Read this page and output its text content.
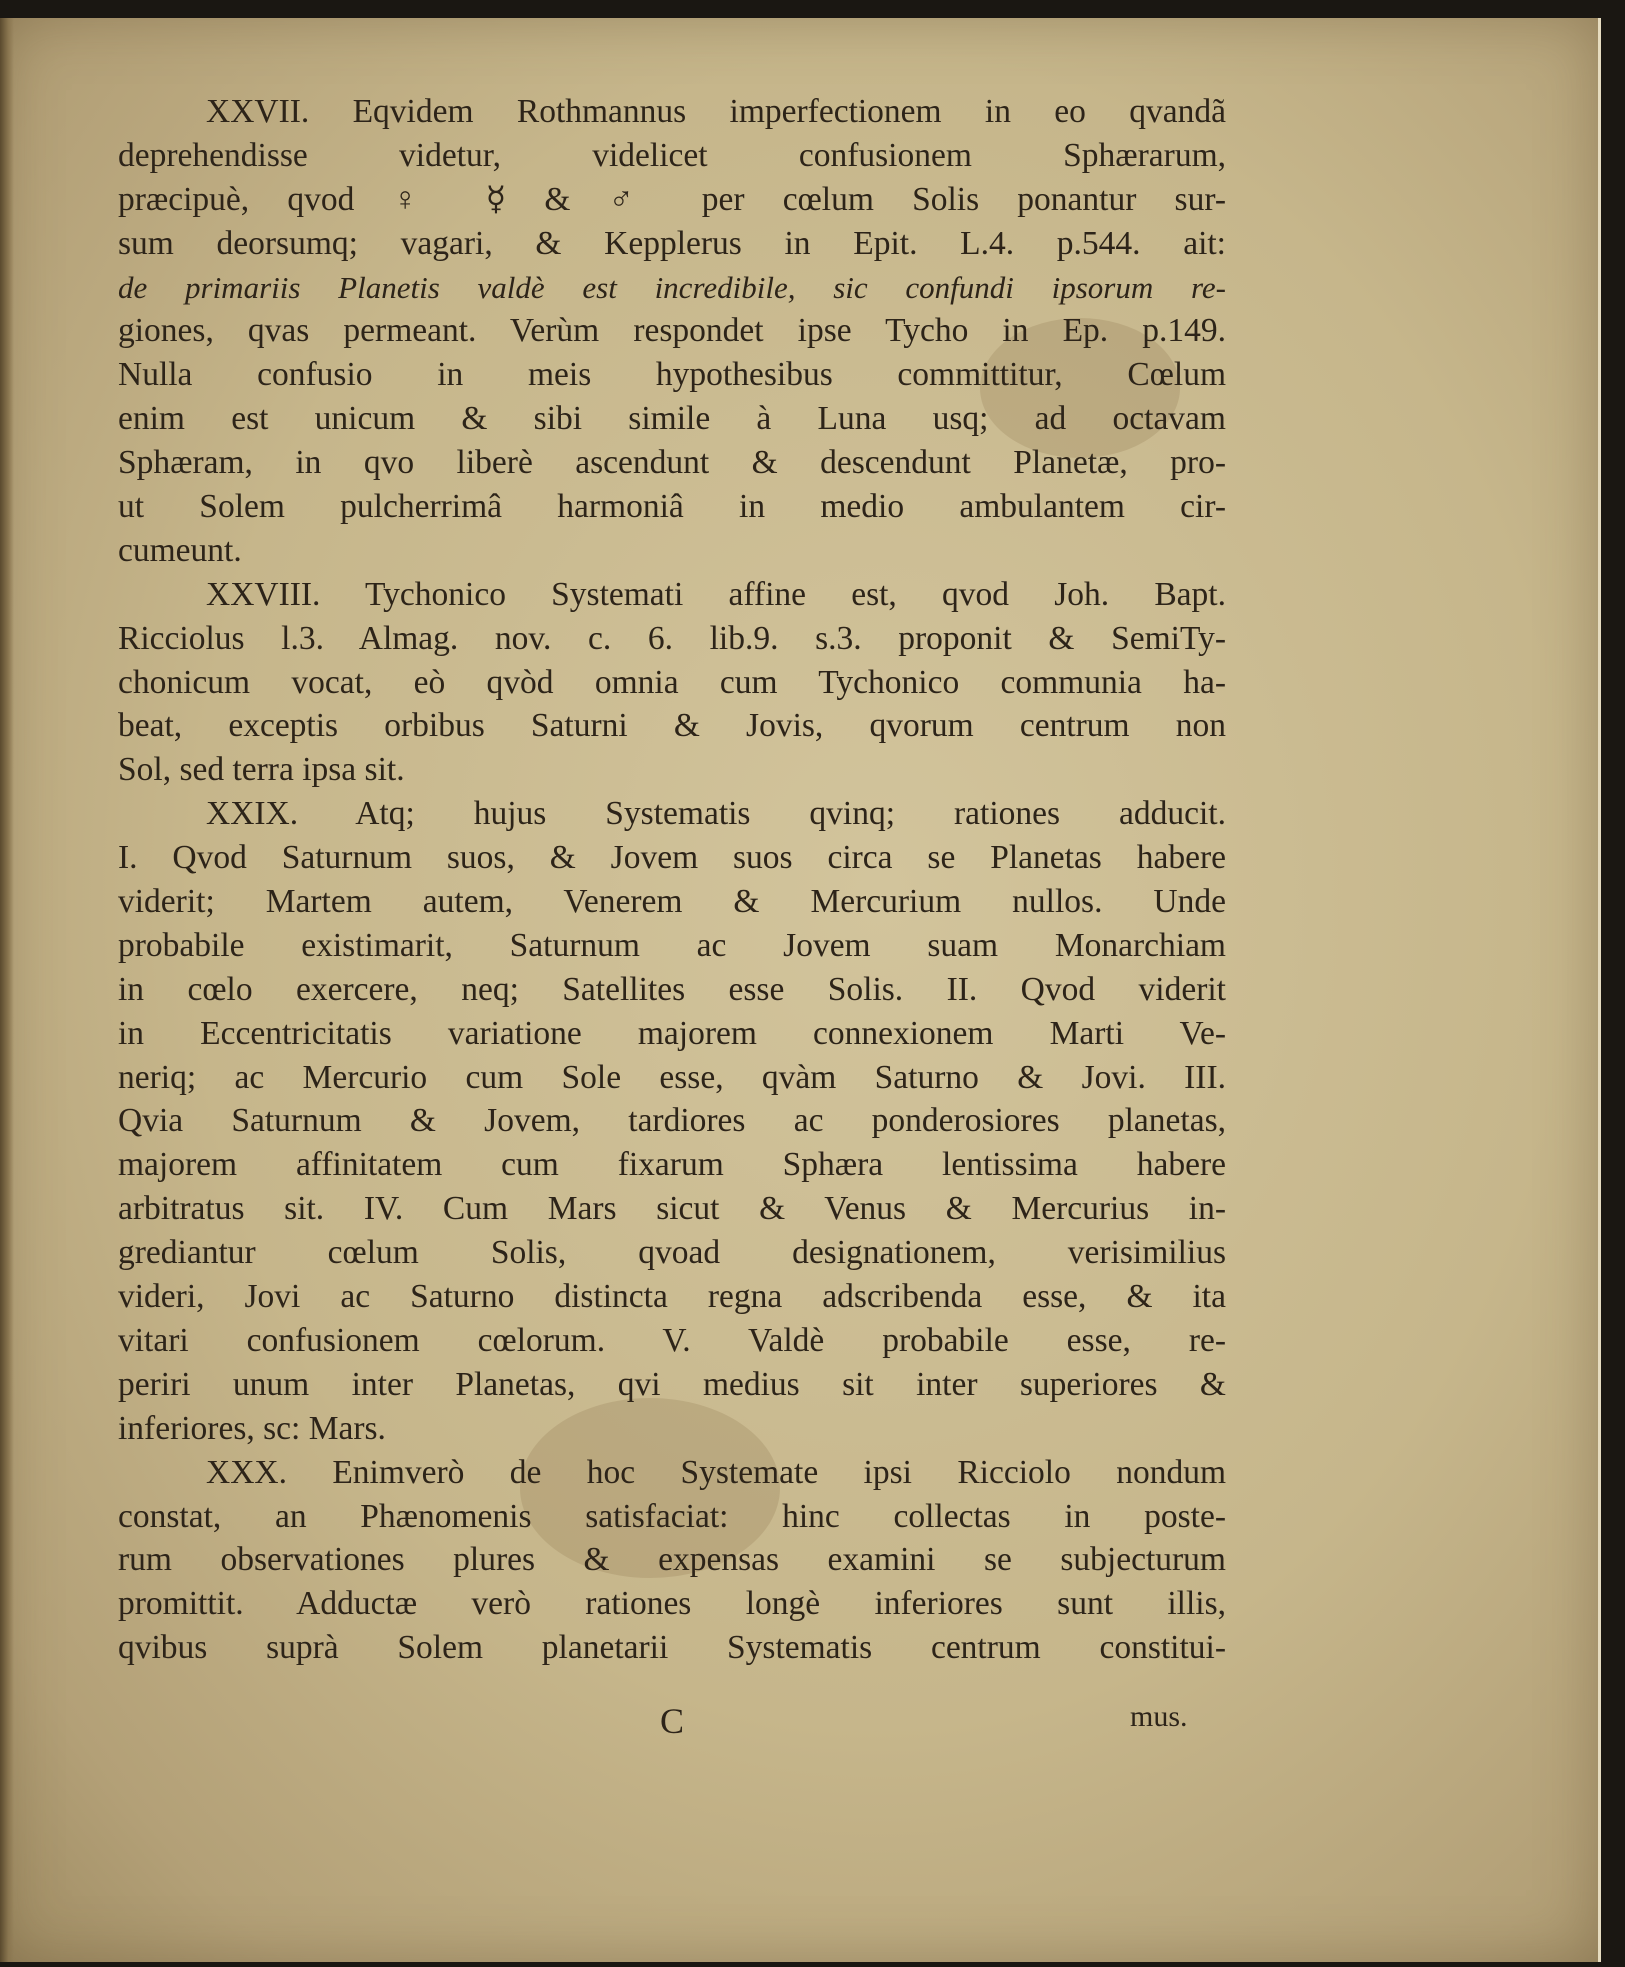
XXVII. Eqvidem Rothmannus imperfectionem in eo qvandã
deprehendisse videtur, videlicet confusionem Sphærarum,
præcipuè, qvod ♀ ☿ & ♂ per cœlum Solis ponantur sur-
sum deorsumq; vagari, & Kepplerus in Epit. L.4. p.544. ait:
de primariis Planetis valdè est incredibile, sic confundi ipsorum re-
giones, qvas permeant. Verùm respondet ipse Tycho in Ep. p.149.
Nulla confusio in meis hypothesibus committitur, Cœlum
enim est unicum & sibi simile à Luna usq; ad octavam
Sphæram, in qvo liberè ascendunt & descendunt Planetæ, pro-
ut Solem pulcherrimâ harmoniâ in medio ambulantem cir-
cumeunt.
XXVIII. Tychonico Systemati affine est, qvod Joh. Bapt.
Ricciolus l.3. Almag. nov. c. 6. lib.9. s.3. proponit & SemiTy-
chonicum vocat, eò qvòd omnia cum Tychonico communia ha-
beat, exceptis orbibus Saturni & Jovis, qvorum centrum non
Sol, sed terra ipsa sit.
XXIX. Atq; hujus Systematis qvinq; rationes adducit.
I. Qvod Saturnum suos, & Jovem suos circa se Planetas habere
viderit; Martem autem, Venerem & Mercurium nullos. Unde
probabile existimarit, Saturnum ac Jovem suam Monarchiam
in cœlo exercere, neq; Satellites esse Solis. II. Qvod viderit
in Eccentricitatis variatione majorem connexionem Marti Ve-
neriq; ac Mercurio cum Sole esse, qvàm Saturno & Jovi. III.
Qvia Saturnum & Jovem, tardiores ac ponderosiores planetas,
majorem affinitatem cum fixarum Sphæra lentissima habere
arbitratus sit. IV. Cum Mars sicut & Venus & Mercurius in-
grediantur cœlum Solis, qvoad designationem, verisimilius
videri, Jovi ac Saturno distincta regna adscribenda esse, & ita
vitari confusionem cœlorum. V. Valdè probabile esse, re-
periri unum inter Planetas, qvi medius sit inter superiores &
inferiores, sc: Mars.
XXX. Enimverò de hoc Systemate ipsi Ricciolo nondum
constat, an Phænomenis satisfaciat: hinc collectas in poste-
rum observationes plures & expensas examini se subjecturum
promittit. Adductæ verò rationes longè inferiores sunt illis,
qvibus suprà Solem planetarii Systematis centrum constitui-
C	mus.
